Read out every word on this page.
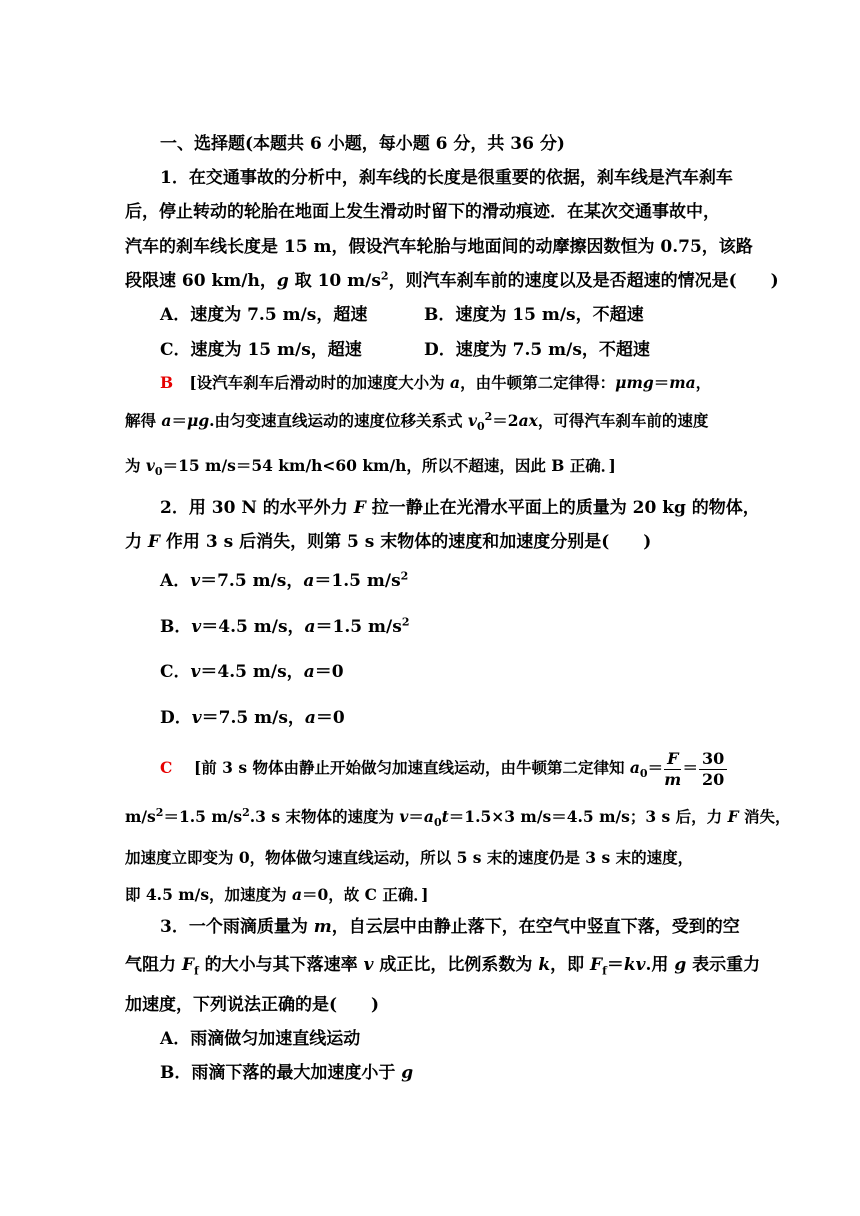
一、选择题(本题共 6 小题，每小题 6 分，共 36 分)
1．在交通事故的分析中，刹车线的长度是很重要的依据，刹车线是汽车刹车
后，停止转动的轮胎在地面上发生滑动时留下的滑动痕迹．在某次交通事故中，
汽车的刹车线长度是 15 m，假设汽车轮胎与地面间的动摩擦因数恒为 0.75，该路
段限速 60 km/h，g 取 10 $m/s^2$，则汽车刹车前的速度以及是否超速的情况是(　　)
A．速度为 7.5 m/s，超速	B．速度为 15 m/s，不超速
C．速度为 15 m/s，超速	D．速度为 7.5 m/s，不超速
B [设汽车刹车后滑动时的加速度大小为 a，由牛顿第二定律得：μmg＝ma，
解得 a＝μg.由匀变速直线运动的速度位移关系式 $v_0^2=2ax$，可得汽车刹车前的速度
为 $v_0=15$ m/s＝54 km/h<60 km/h，所以不超速，因此 B 正确．]
2．用 30 N 的水平外力 F 拉一静止在光滑水平面上的质量为 20 kg 的物体，
力 F 作用 3 s 后消失，则第 5 s 末物体的速度和加速度分别是(　　)
A．v＝7.5 m/s，a＝1.5 $m/s^2$
B．v＝4.5 m/s，a＝1.5 $m/s^2$
C．v＝4.5 m/s，a＝0
D．v＝7.5 m/s，a＝0
C [前 3 s 物体由静止开始做匀加速直线运动，由牛顿第二定律知 $a_0= \frac{F}{m} = \frac{30}{20}$
$m/s^2=1.5$ $m/s^2.3$ s 末物体的速度为 $v=a_0t=1.5\times 3$ m/s＝4.5 m/s；3 s 后，力 F 消失，
加速度立即变为 0，物体做匀速直线运动，所以 5 s 末的速度仍是 3 s 末的速度，
即 4.5 m/s，加速度为 a＝0，故 C 正确．]
3．一个雨滴质量为 m，自云层中由静止落下，在空气中竖直下落，受到的空
气阻力 $F_f$ 的大小与其下落速率 v 成正比，比例系数为 k，即 $F_f=kv$.用 g 表示重力
加速度，下列说法正确的是(　　)
A．雨滴做匀加速直线运动
B．雨滴下落的最大加速度小于 g
